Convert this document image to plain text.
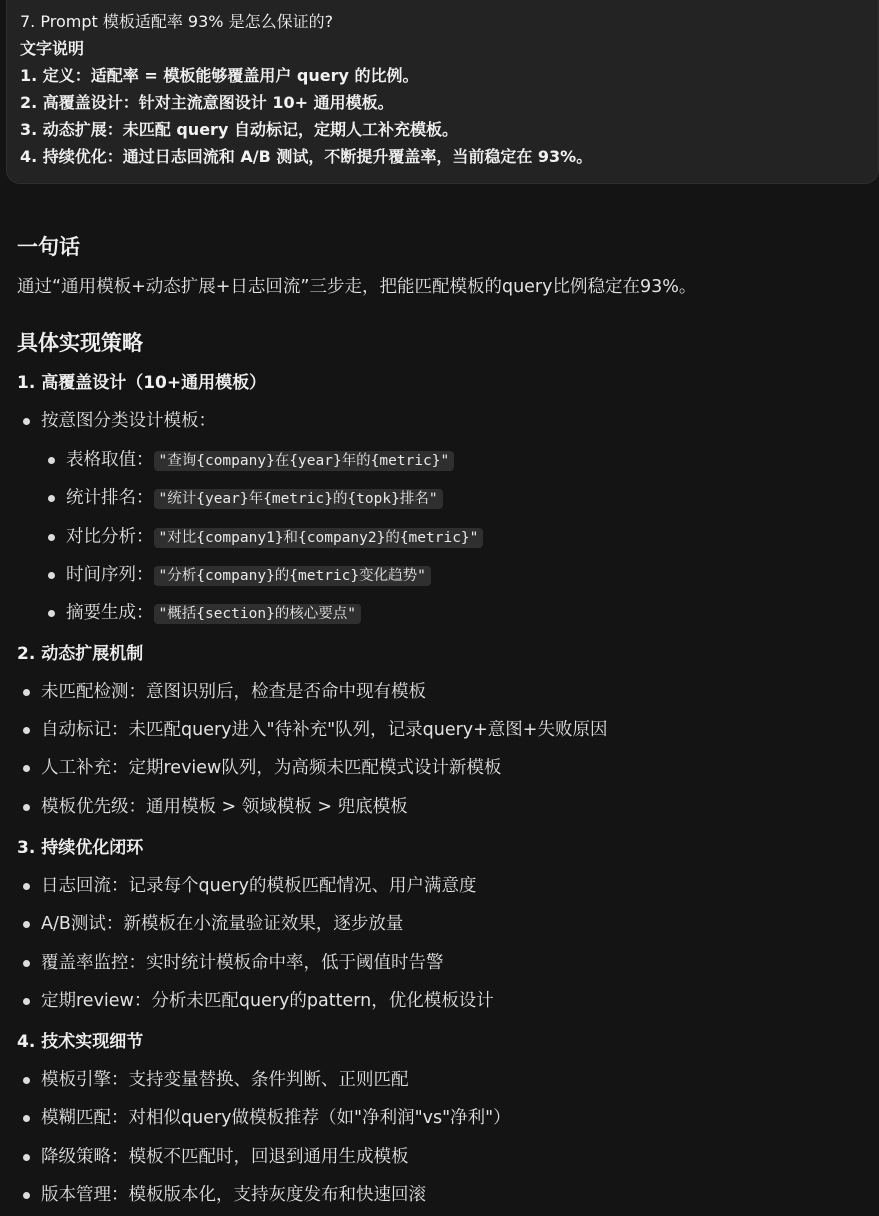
7. Prompt 模板适配率 93% 是怎么保证的?
文字说明
1. 定义：适配率 = 模板能够覆盖用户 query 的比例。
2. 高覆盖设计：针对主流意图设计 10+ 通用模板。
3. 动态扩展：未匹配 query 自动标记，定期人工补充模板。
4. 持续优化：通过日志回流和 A/B 测试，不断提升覆盖率，当前稳定在 93%。
一句话
通过“通用模板+动态扩展+日志回流”三步走，把能匹配模板的query比例稳定在93%。
具体实现策略
1. 高覆盖设计（10+通用模板）
按意图分类设计模板：
表格取值： "查询{company}在{year}年的{metric}"
统计排名： "统计{year}年{metric}的{topk}排名"
对比分析： "对比{company1}和{company2}的{metric}"
时间序列： "分析{company}的{metric}变化趋势"
摘要生成： "概括{section}的核心要点"
2. 动态扩展机制
未匹配检测：意图识别后，检查是否命中现有模板
自动标记：未匹配query进入"待补充"队列，记录query+意图+失败原因
人工补充：定期review队列，为高频未匹配模式设计新模板
模板优先级：通用模板 > 领域模板 > 兜底模板
3. 持续优化闭环
日志回流：记录每个query的模板匹配情况、用户满意度
A/B测试：新模板在小流量验证效果，逐步放量
覆盖率监控：实时统计模板命中率，低于阈值时告警
定期review：分析未匹配query的pattern，优化模板设计
4. 技术实现细节
模板引擎：支持变量替换、条件判断、正则匹配
模糊匹配：对相似query做模板推荐（如"净利润"vs"净利"）
降级策略：模板不匹配时，回退到通用生成模板
版本管理：模板版本化，支持灰度发布和快速回滚
